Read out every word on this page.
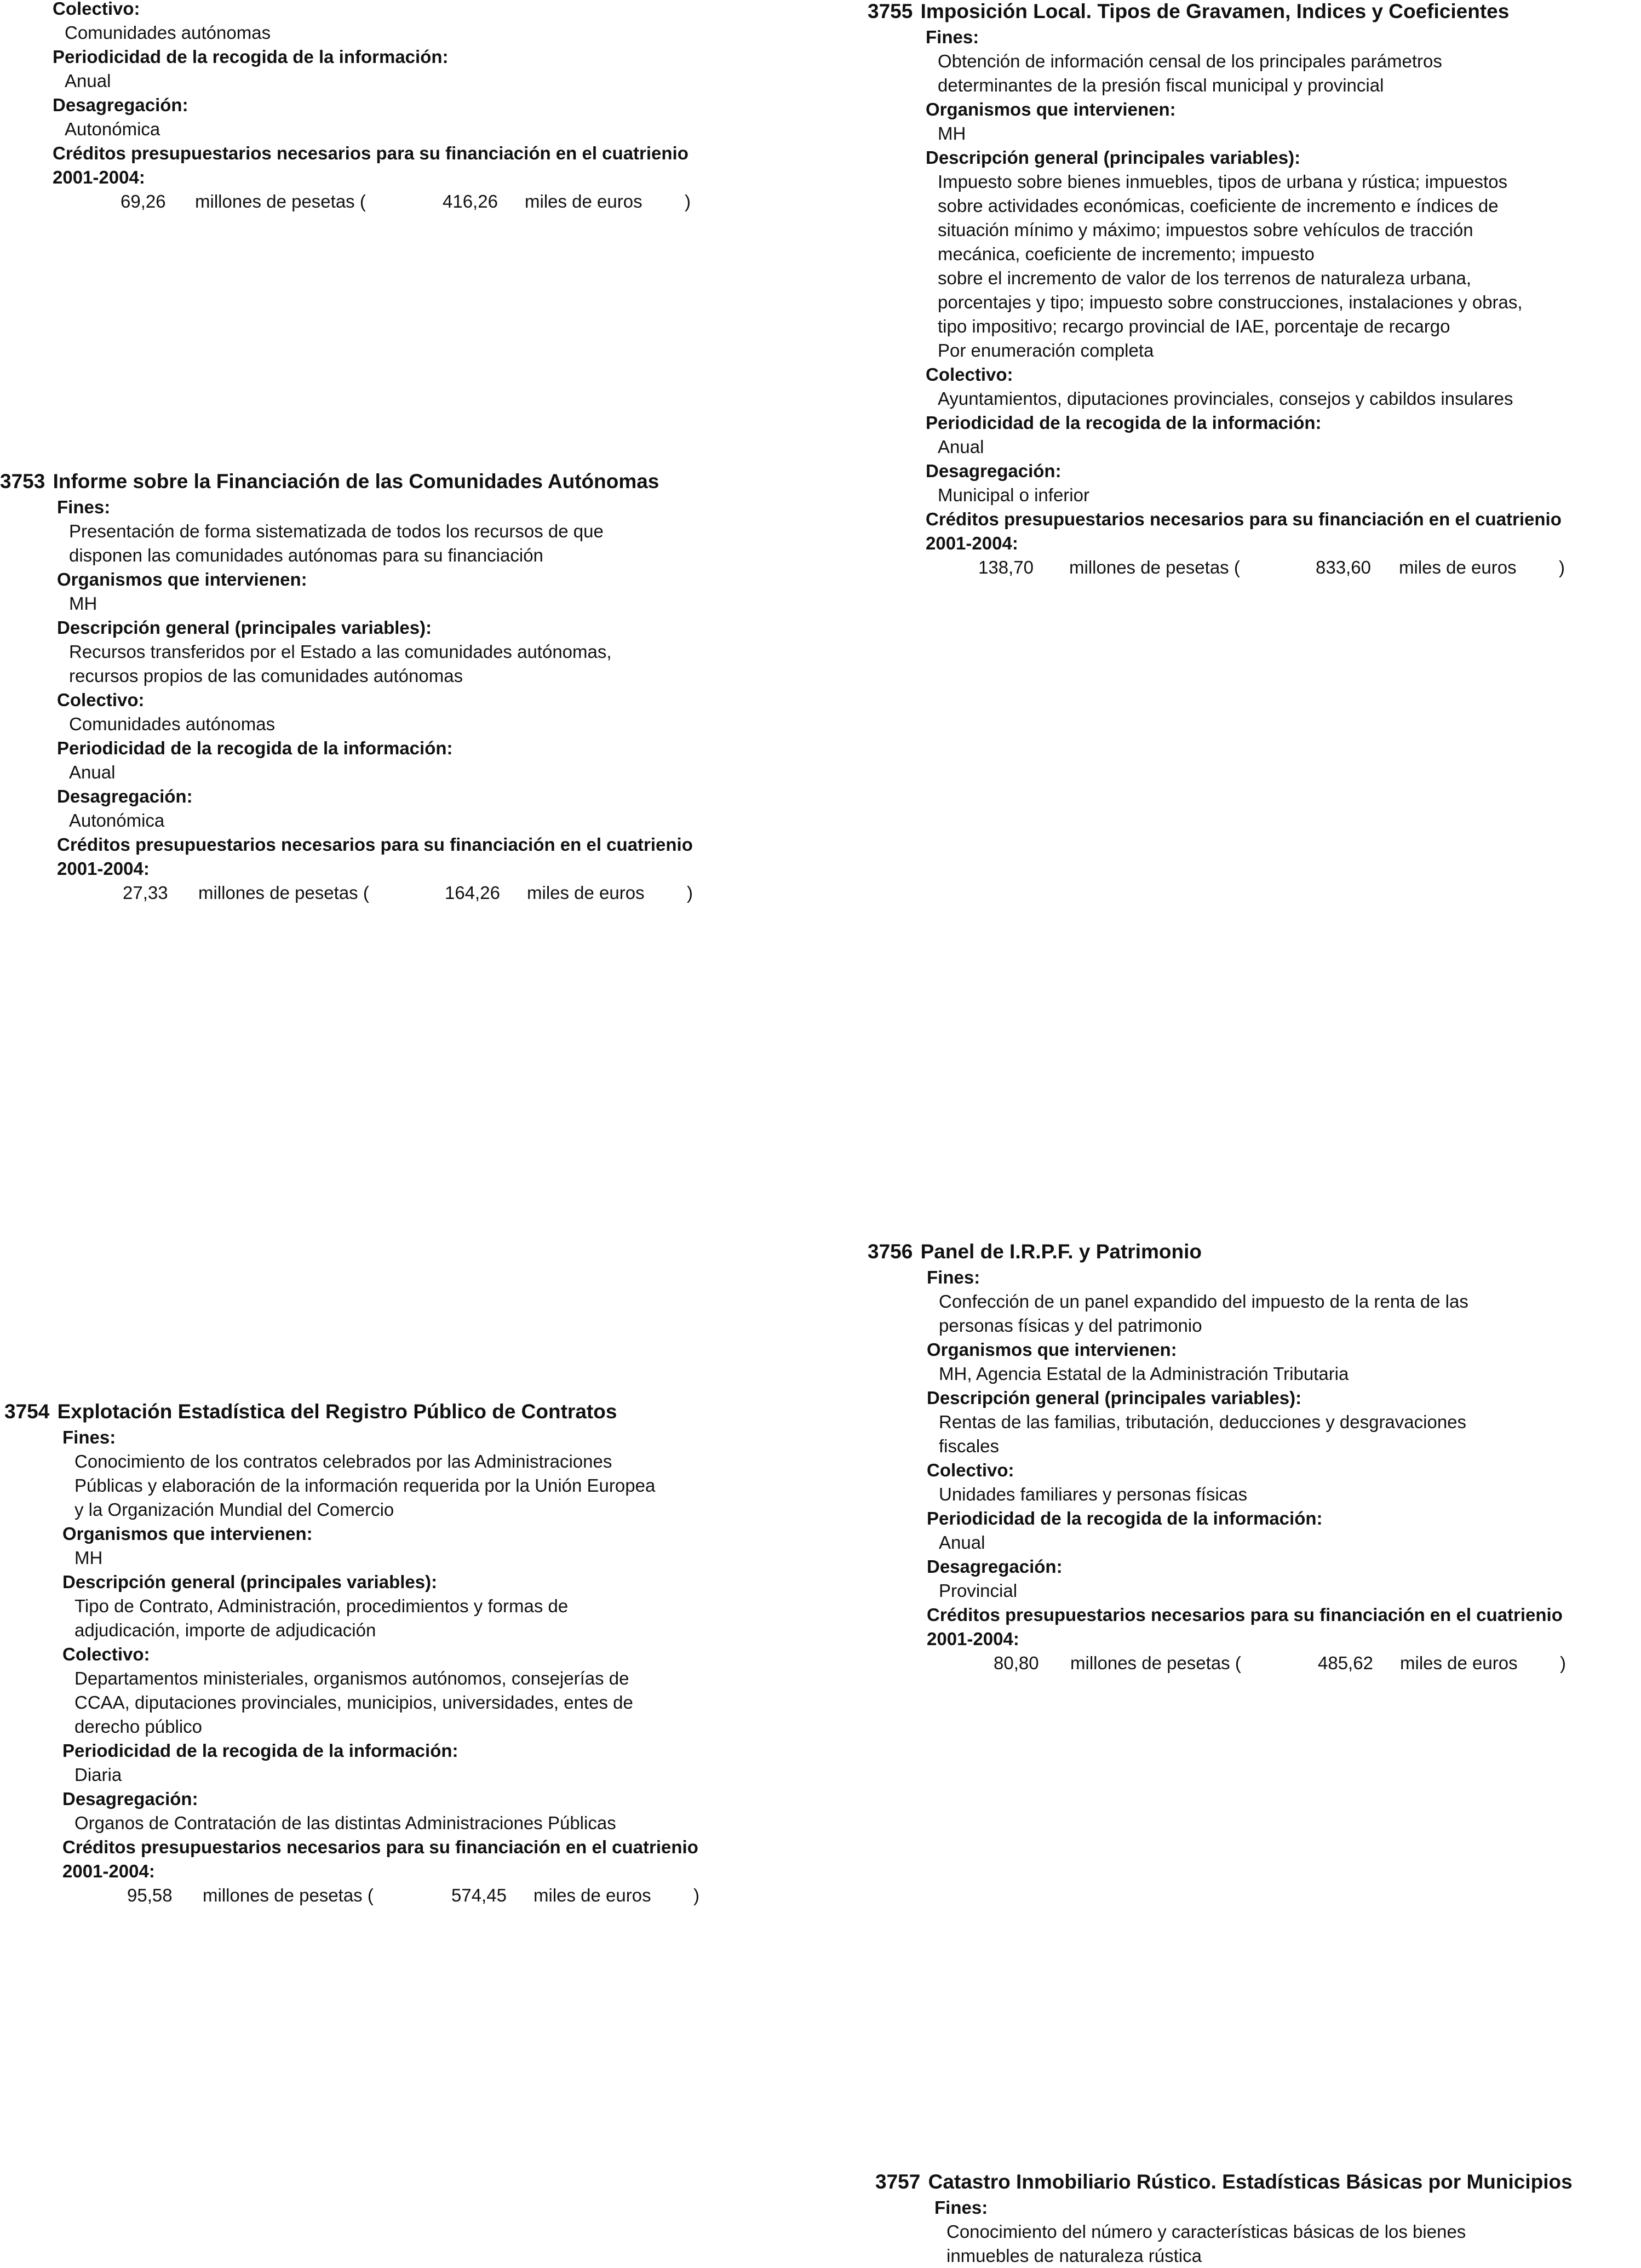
Colectivo:
Comunidades autónomas
Periodicidad de la recogida de la información:
Anual
Desagregación:
Autonómica
Créditos presupuestarios necesarios para su financiación en el cuatrienio
2001-2004:
69,26 millones de pesetas (	416,26 miles de euros )
3753 Informe sobre la Financiación de las Comunidades Autónomas
Fines:
Presentación de forma sistematizada de todos los recursos de que
disponen las comunidades autónomas para su financiación
Organismos que intervienen:
MH
Descripción general (principales variables):
Recursos transferidos por el Estado a las comunidades autónomas,
recursos propios de las comunidades autónomas
Colectivo:
Comunidades autónomas
Periodicidad de la recogida de la información:
Anual
Desagregación:
Autonómica
Créditos presupuestarios necesarios para su financiación en el cuatrienio
2001-2004:
27,33 millones de pesetas (	164,26 miles de euros )
3754 Explotación Estadística del Registro Público de Contratos
Fines:
Conocimiento de los contratos celebrados por las Administraciones
Públicas y elaboración de la información requerida por la Unión Europea
y la Organización Mundial del Comercio
Organismos que intervienen:
MH
Descripción general (principales variables):
Tipo de Contrato, Administración, procedimientos y formas de
adjudicación, importe de adjudicación
Colectivo:
Departamentos ministeriales, organismos autónomos, consejerías de
CCAA, diputaciones provinciales, municipios, universidades, entes de
derecho público
Periodicidad de la recogida de la información:
Diaria
Desagregación:
Organos de Contratación de las distintas Administraciones Públicas
Créditos presupuestarios necesarios para su financiación en el cuatrienio
2001-2004:
95,58 millones de pesetas (	574,45 miles de euros )
3755 Imposición Local. Tipos de Gravamen, Indices y Coeficientes
Fines:
Obtención de información censal de los principales parámetros
determinantes de la presión fiscal municipal y provincial
Organismos que intervienen:
MH
Descripción general (principales variables):
Impuesto sobre bienes inmuebles, tipos de urbana y rústica; impuestos
sobre actividades económicas, coeficiente de incremento e índices de
situación mínimo y máximo; impuestos sobre vehículos de tracción
mecánica, coeficiente de incremento; impuesto
sobre el incremento de valor de los terrenos de naturaleza urbana,
porcentajes y tipo; impuesto sobre construcciones, instalaciones y obras,
tipo impositivo; recargo provincial de IAE, porcentaje de recargo
Por enumeración completa
Colectivo:
Ayuntamientos, diputaciones provinciales, consejos y cabildos insulares
Periodicidad de la recogida de la información:
Anual
Desagregación:
Municipal o inferior
Créditos presupuestarios necesarios para su financiación en el cuatrienio
2001-2004:
138,70 millones de pesetas (	833,60 miles de euros )
3756 Panel de I.R.P.F. y Patrimonio
Fines:
Confección de un panel expandido del impuesto de la renta de las
personas físicas y del patrimonio
Organismos que intervienen:
MH, Agencia Estatal de la Administración Tributaria
Descripción general (principales variables):
Rentas de las familias, tributación, deducciones y desgravaciones
fiscales
Colectivo:
Unidades familiares y personas físicas
Periodicidad de la recogida de la información:
Anual
Desagregación:
Provincial
Créditos presupuestarios necesarios para su financiación en el cuatrienio
2001-2004:
80,80 millones de pesetas (	485,62 miles de euros )
3757 Catastro Inmobiliario Rústico. Estadísticas Básicas por Municipios
Fines:
Conocimiento del número y características básicas de los bienes
inmuebles de naturaleza rústica
